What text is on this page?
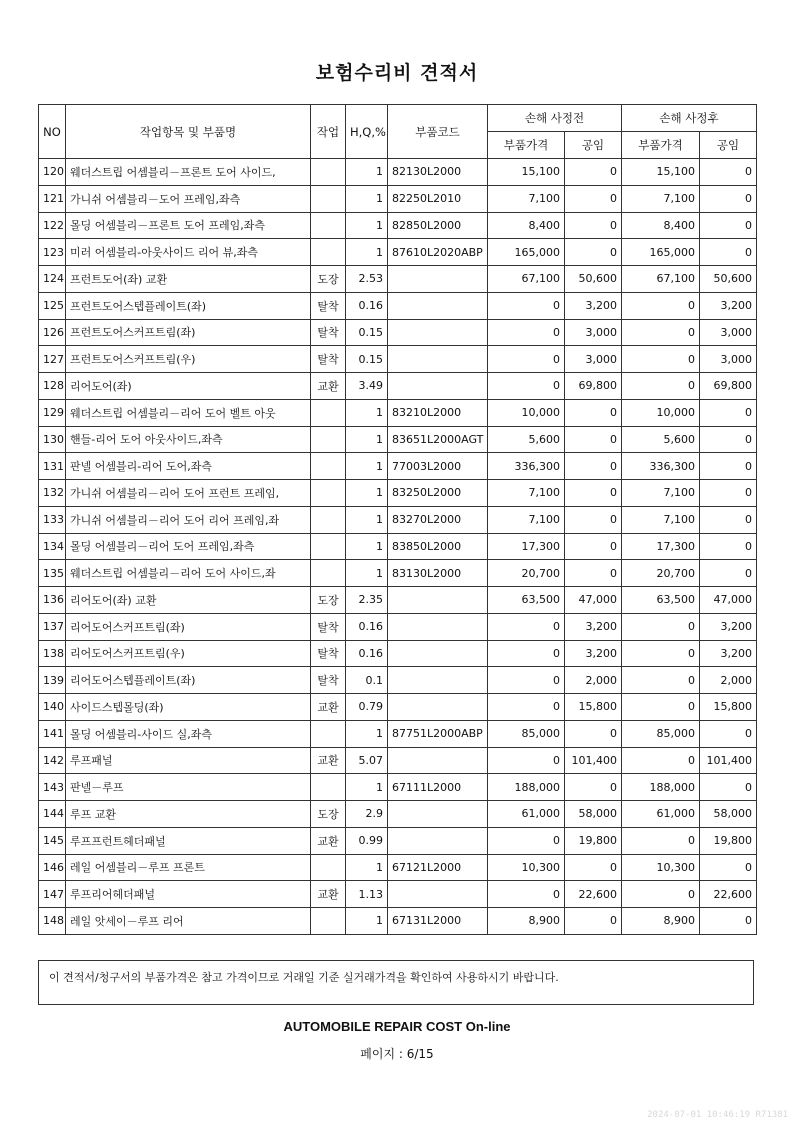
보험수리비 견적서
NO	작업항목 및 부품명	작업	H,Q,%	부품코드	손해 사정전		손해 사정후	
					부품가격	공임	부품가격	공임
120	웨더스트립 어셈블리－프론트 도어 사이드,		1	82130L2000	15,100	0	15,100	0
121	가니쉬 어셈블리－도어 프레임,좌측		1	82250L2010	7,100	0	7,100	0
122	몰딩 어셈블리－프론트 도어 프레임,좌측		1	82850L2000	8,400	0	8,400	0
123	미러 어셈블리-아웃사이드 리어 뷰,좌측		1	87610L2020ABP	165,000	0	165,000	0
124	프런트도어(좌) 교환	도장	2.53		67,100	50,600	67,100	50,600
125	프런트도어스텝플레이트(좌)	탈착	0.16		0	3,200	0	3,200
126	프런트도어스커프트림(좌)	탈착	0.15		0	3,000	0	3,000
127	프런트도어스커프트림(우)	탈착	0.15		0	3,000	0	3,000
128	리어도어(좌)	교환	3.49		0	69,800	0	69,800
129	웨더스트립 어셈블리－리어 도어 벨트 아웃		1	83210L2000	10,000	0	10,000	0
130	핸들-리어 도어 아웃사이드,좌측		1	83651L2000AGT	5,600	0	5,600	0
131	판넬 어셈블리-리어 도어,좌측		1	77003L2000	336,300	0	336,300	0
132	가니쉬 어셈블리－리어 도어 프런트 프레임,		1	83250L2000	7,100	0	7,100	0
133	가니쉬 어셈블리－리어 도어 리어 프레임,좌		1	83270L2000	7,100	0	7,100	0
134	몰딩 어셈블리－리어 도어 프레임,좌측		1	83850L2000	17,300	0	17,300	0
135	웨더스트립 어셈블리－리어 도어 사이드,좌		1	83130L2000	20,700	0	20,700	0
136	리어도어(좌) 교환	도장	2.35		63,500	47,000	63,500	47,000
137	리어도어스커프트림(좌)	탈착	0.16		0	3,200	0	3,200
138	리어도어스커프트림(우)	탈착	0.16		0	3,200	0	3,200
139	리어도어스텝플레이트(좌)	탈착	0.1		0	2,000	0	2,000
140	사이드스텝몰딩(좌)	교환	0.79		0	15,800	0	15,800
141	몰딩 어셈블리-사이드 실,좌측		1	87751L2000ABP	85,000	0	85,000	0
142	루프패널	교환	5.07		0	101,400	0	101,400
143	판넬－루프		1	67111L2000	188,000	0	188,000	0
144	루프 교환	도장	2.9		61,000	58,000	61,000	58,000
145	루프프런트헤더패널	교환	0.99		0	19,800	0	19,800
146	레일 어셈블리－루프 프론트		1	67121L2000	10,300	0	10,300	0
147	루프리어헤더패널	교환	1.13		0	22,600	0	22,600
148	레일 앗세이－루프 리어		1	67131L2000	8,900	0	8,900	0
이 견적서/청구서의 부품가격은 참고 가격이므로 거래일 기준 실거래가격을 확인하여 사용하시기 바랍니다.
AUTOMOBILE REPAIR COST On-line
페이지 : 6/15
2024-07-01 10:46:19 R71381
